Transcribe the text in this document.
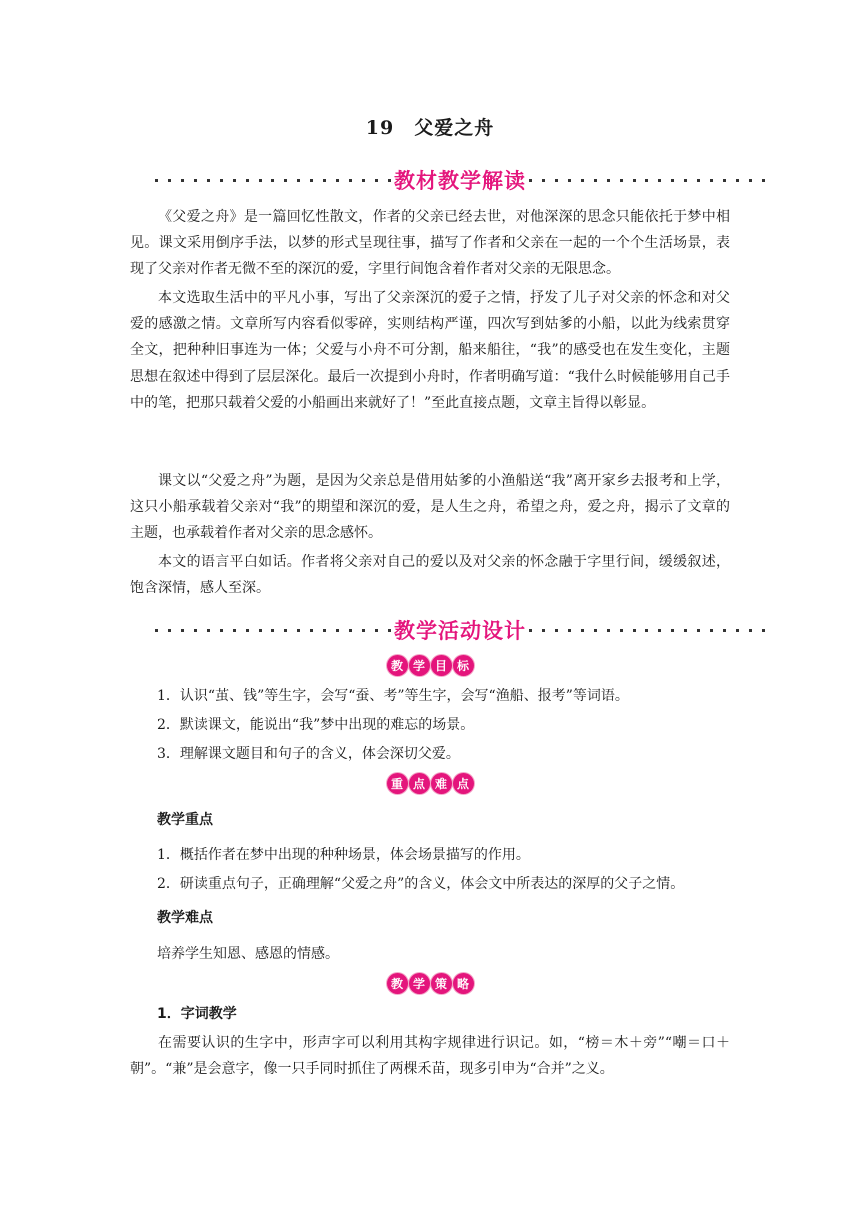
19　父爱之舟
教材教学解读

《父爱之舟》是一篇回忆性散文，作者的父亲已经去世，对他深深的思念只能依托于梦中相见。课文采用倒序手法，以梦的形式呈现往事，描写了作者和父亲在一起的一个个生活场景，表现了父亲对作者无微不至的深沉的爱，字里行间饱含着作者对父亲的无限思念。

本文选取生活中的平凡小事，写出了父亲深沉的爱子之情，抒发了儿子对父亲的怀念和对父爱的感激之情。文章所写内容看似零碎，实则结构严谨，四次写到姑爹的小船，以此为线索贯穿全文，把种种旧事连为一体；父爱与小舟不可分割，船来船往，“我”的感受也在发生变化，主题思想在叙述中得到了层层深化。最后一次提到小舟时，作者明确写道：“我什么时候能够用自己手中的笔，把那只载着父爱的小船画出来就好了！”至此直接点题，文章主旨得以彰显。

课文以“父爱之舟”为题，是因为父亲总是借用姑爹的小渔船送“我”离开家乡去报考和上学，这只小船承载着父亲对“我”的期望和深沉的爱，是人生之舟，希望之舟，爱之舟，揭示了文章的主题，也承载着作者对父亲的思念感怀。

本文的语言平白如话。作者将父亲对自己的爱以及对父亲的怀念融于字里行间，缓缓叙述，饱含深情，感人至深。

教学活动设计
教 学 目 标

1．认识“茧、钱”等生字，会写“蚕、考”等生字，会写“渔船、报考”等词语。

2．默读课文，能说出“我”梦中出现的难忘的场景。

3．理解课文题目和句子的含义，体会深切父爱。

重 点 难 点
教学重点

1．概括作者在梦中出现的种种场景，体会场景描写的作用。

2．研读重点句子，正确理解“父爱之舟”的含义，体会文中所表达的深厚的父子之情。

教学难点

培养学生知恩、感恩的情感。

教 学 策 略
1．字词教学

在需要认识的生字中，形声字可以利用其构字规律进行识记。如，“榜＝木＋旁”“嘲＝口＋朝”。“兼”是会意字，像一只手同时抓住了两棵禾苗，现多引申为“合并”之义。
